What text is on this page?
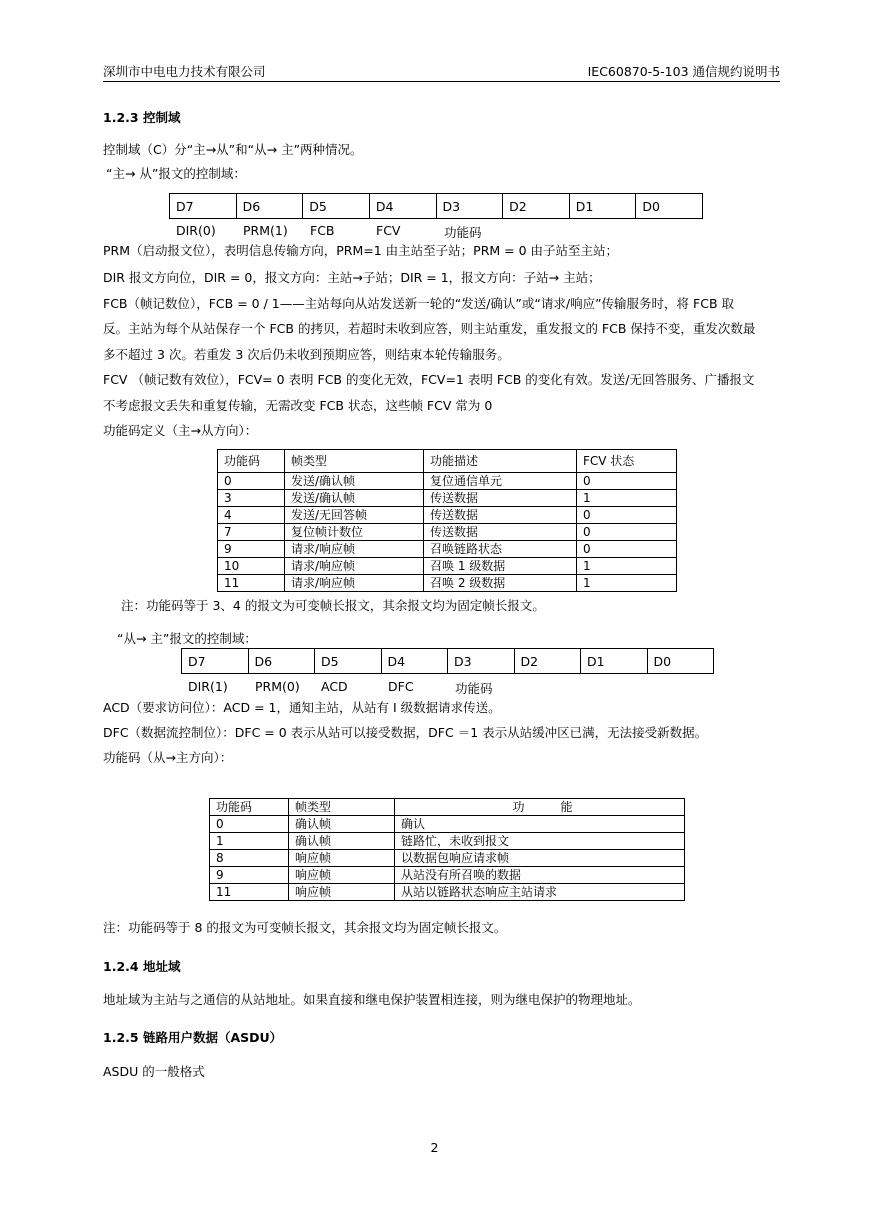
深圳市中电电力技术有限公司	IEC60870-5-103 通信规约说明书
1.2.3 控制域
控制域（C）分“主→从”和“从→ 主”两种情况。
“主→ 从”报文的控制域：
D7	D6	D5	D4	D3	D2	D1	D0
DIR(0) PRM(1) FCB	FCV	功能码
PRM（启动报文位），表明信息传输方向，PRM=1 由主站至子站；PRM = 0 由子站至主站；
DIR 报文方向位，DIR = 0，报文方向：主站→子站；DIR = 1，报文方向：子站→ 主站；
FCB（帧记数位），FCB = 0 / 1——主站每向从站发送新一轮的“发送/确认”或“请求/响应”传输服务时，将 FCB 取
反。主站为每个从站保存一个 FCB 的拷贝，若超时未收到应答，则主站重发，重发报文的 FCB 保持不变，重发次数最
多不超过 3 次。若重发 3 次后仍未收到预期应答，则结束本轮传输服务。
FCV （帧记数有效位），FCV= 0 表明 FCB 的变化无效，FCV=1 表明 FCB 的变化有效。发送/无回答服务、广播报文
不考虑报文丢失和重复传输，无需改变 FCB 状态，这些帧 FCV 常为 0
功能码定义（主→从方向）：
功能码	帧类型	功能描述	FCV 状态
0	发送/确认帧	复位通信单元	0
3	发送/确认帧	传送数据	1
4	发送/无回答帧	传送数据	0
7	复位帧计数位	传送数据	0
9	请求/响应帧	召唤链路状态	0
10	请求/响应帧	召唤 1 级数据	1
11	请求/响应帧	召唤 2 级数据	1
注：功能码等于 3、4 的报文为可变帧长报文，其余报文均为固定帧长报文。
“从→ 主”报文的控制域：
D7	D6	D5	D4	D3	D2	D1	D0
DIR(1) PRM(0) ACD	DFC	功能码
ACD（要求访问位）：ACD = 1，通知主站，从站有 I 级数据请求传送。
DFC（数据流控制位）：DFC = 0 表示从站可以接受数据，DFC ＝1 表示从站缓冲区已满，无法接受新数据。
功能码（从→主方向）：
功能码	帧类型	功　　　能
0	确认帧	确认
1	确认帧	链路忙，未收到报文
8	响应帧	以数据包响应请求帧
9	响应帧	从站没有所召唤的数据
11	响应帧	从站以链路状态响应主站请求
注：功能码等于 8 的报文为可变帧长报文，其余报文均为固定帧长报文。
1.2.4 地址域
地址域为主站与之通信的从站地址。如果直接和继电保护装置相连接，则为继电保护的物理地址。
1.2.5 链路用户数据（ASDU）
ASDU 的一般格式
2
